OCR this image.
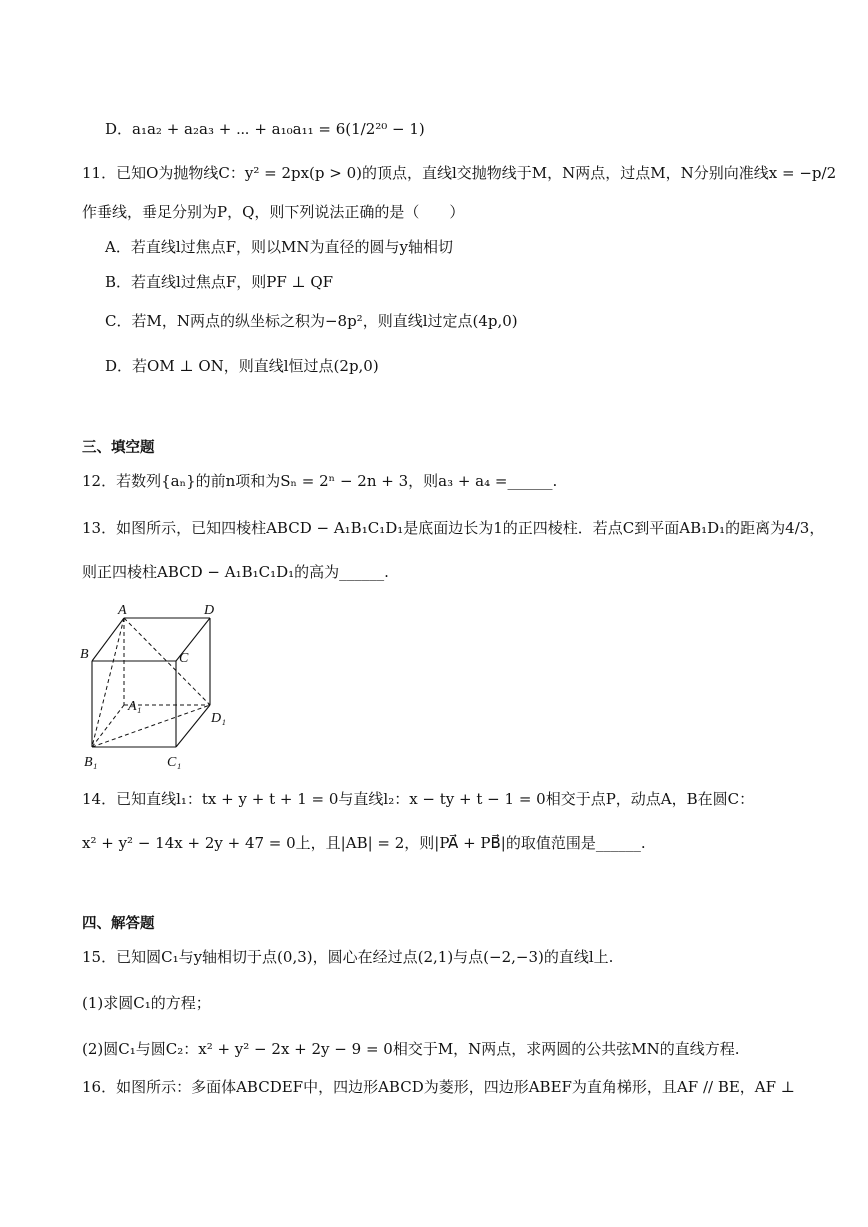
D．a₁a₂ + a₂a₃ + ⋯ + a₁₀a₁₁ = 6(1/2²⁰ − 1)
11．已知O为抛物线C：y² = 2px(p > 0)的顶点，直线l交抛物线于M，N两点，过点M，N分别向准线x = −p/2
作垂线，垂足分别为P，Q，则下列说法正确的是（　　）
A．若直线l过焦点F，则以MN为直径的圆与y轴相切
B．若直线l过焦点F，则PF ⊥ QF
C．若M，N两点的纵坐标之积为−8p²，则直线l过定点(4p,0)
D．若OM ⊥ ON，则直线l恒过点(2p,0)
三、填空题
12．若数列{aₙ}的前n项和为Sₙ = 2ⁿ − 2n + 3，则a₃ + a₄ =______.
13．如图所示，已知四棱柱ABCD − A₁B₁C₁D₁是底面边长为1的正四棱柱．若点C到平面AB₁D₁的距离为4/3，
则正四棱柱ABCD − A₁B₁C₁D₁的高为______.
A	D
B	C
A₁
D₁
B₁	C₁
14．已知直线l₁：tx + y + t + 1 = 0与直线l₂：x − ty + t − 1 = 0相交于点P，动点A，B在圆C：
x² + y² − 14x + 2y + 47 = 0上，且|AB| = 2，则|PA⃗ + PB⃗|的取值范围是______.
四、解答题
15．已知圆C₁与y轴相切于点(0,3)，圆心在经过点(2,1)与点(−2,−3)的直线l上.
(1)求圆C₁的方程；
(2)圆C₁与圆C₂：x² + y² − 2x + 2y − 9 = 0相交于M，N两点，求两圆的公共弦MN的直线方程.
16．如图所示：多面体ABCDEF中，四边形ABCD为菱形，四边形ABEF为直角梯形，且AF // BE，AF ⊥
